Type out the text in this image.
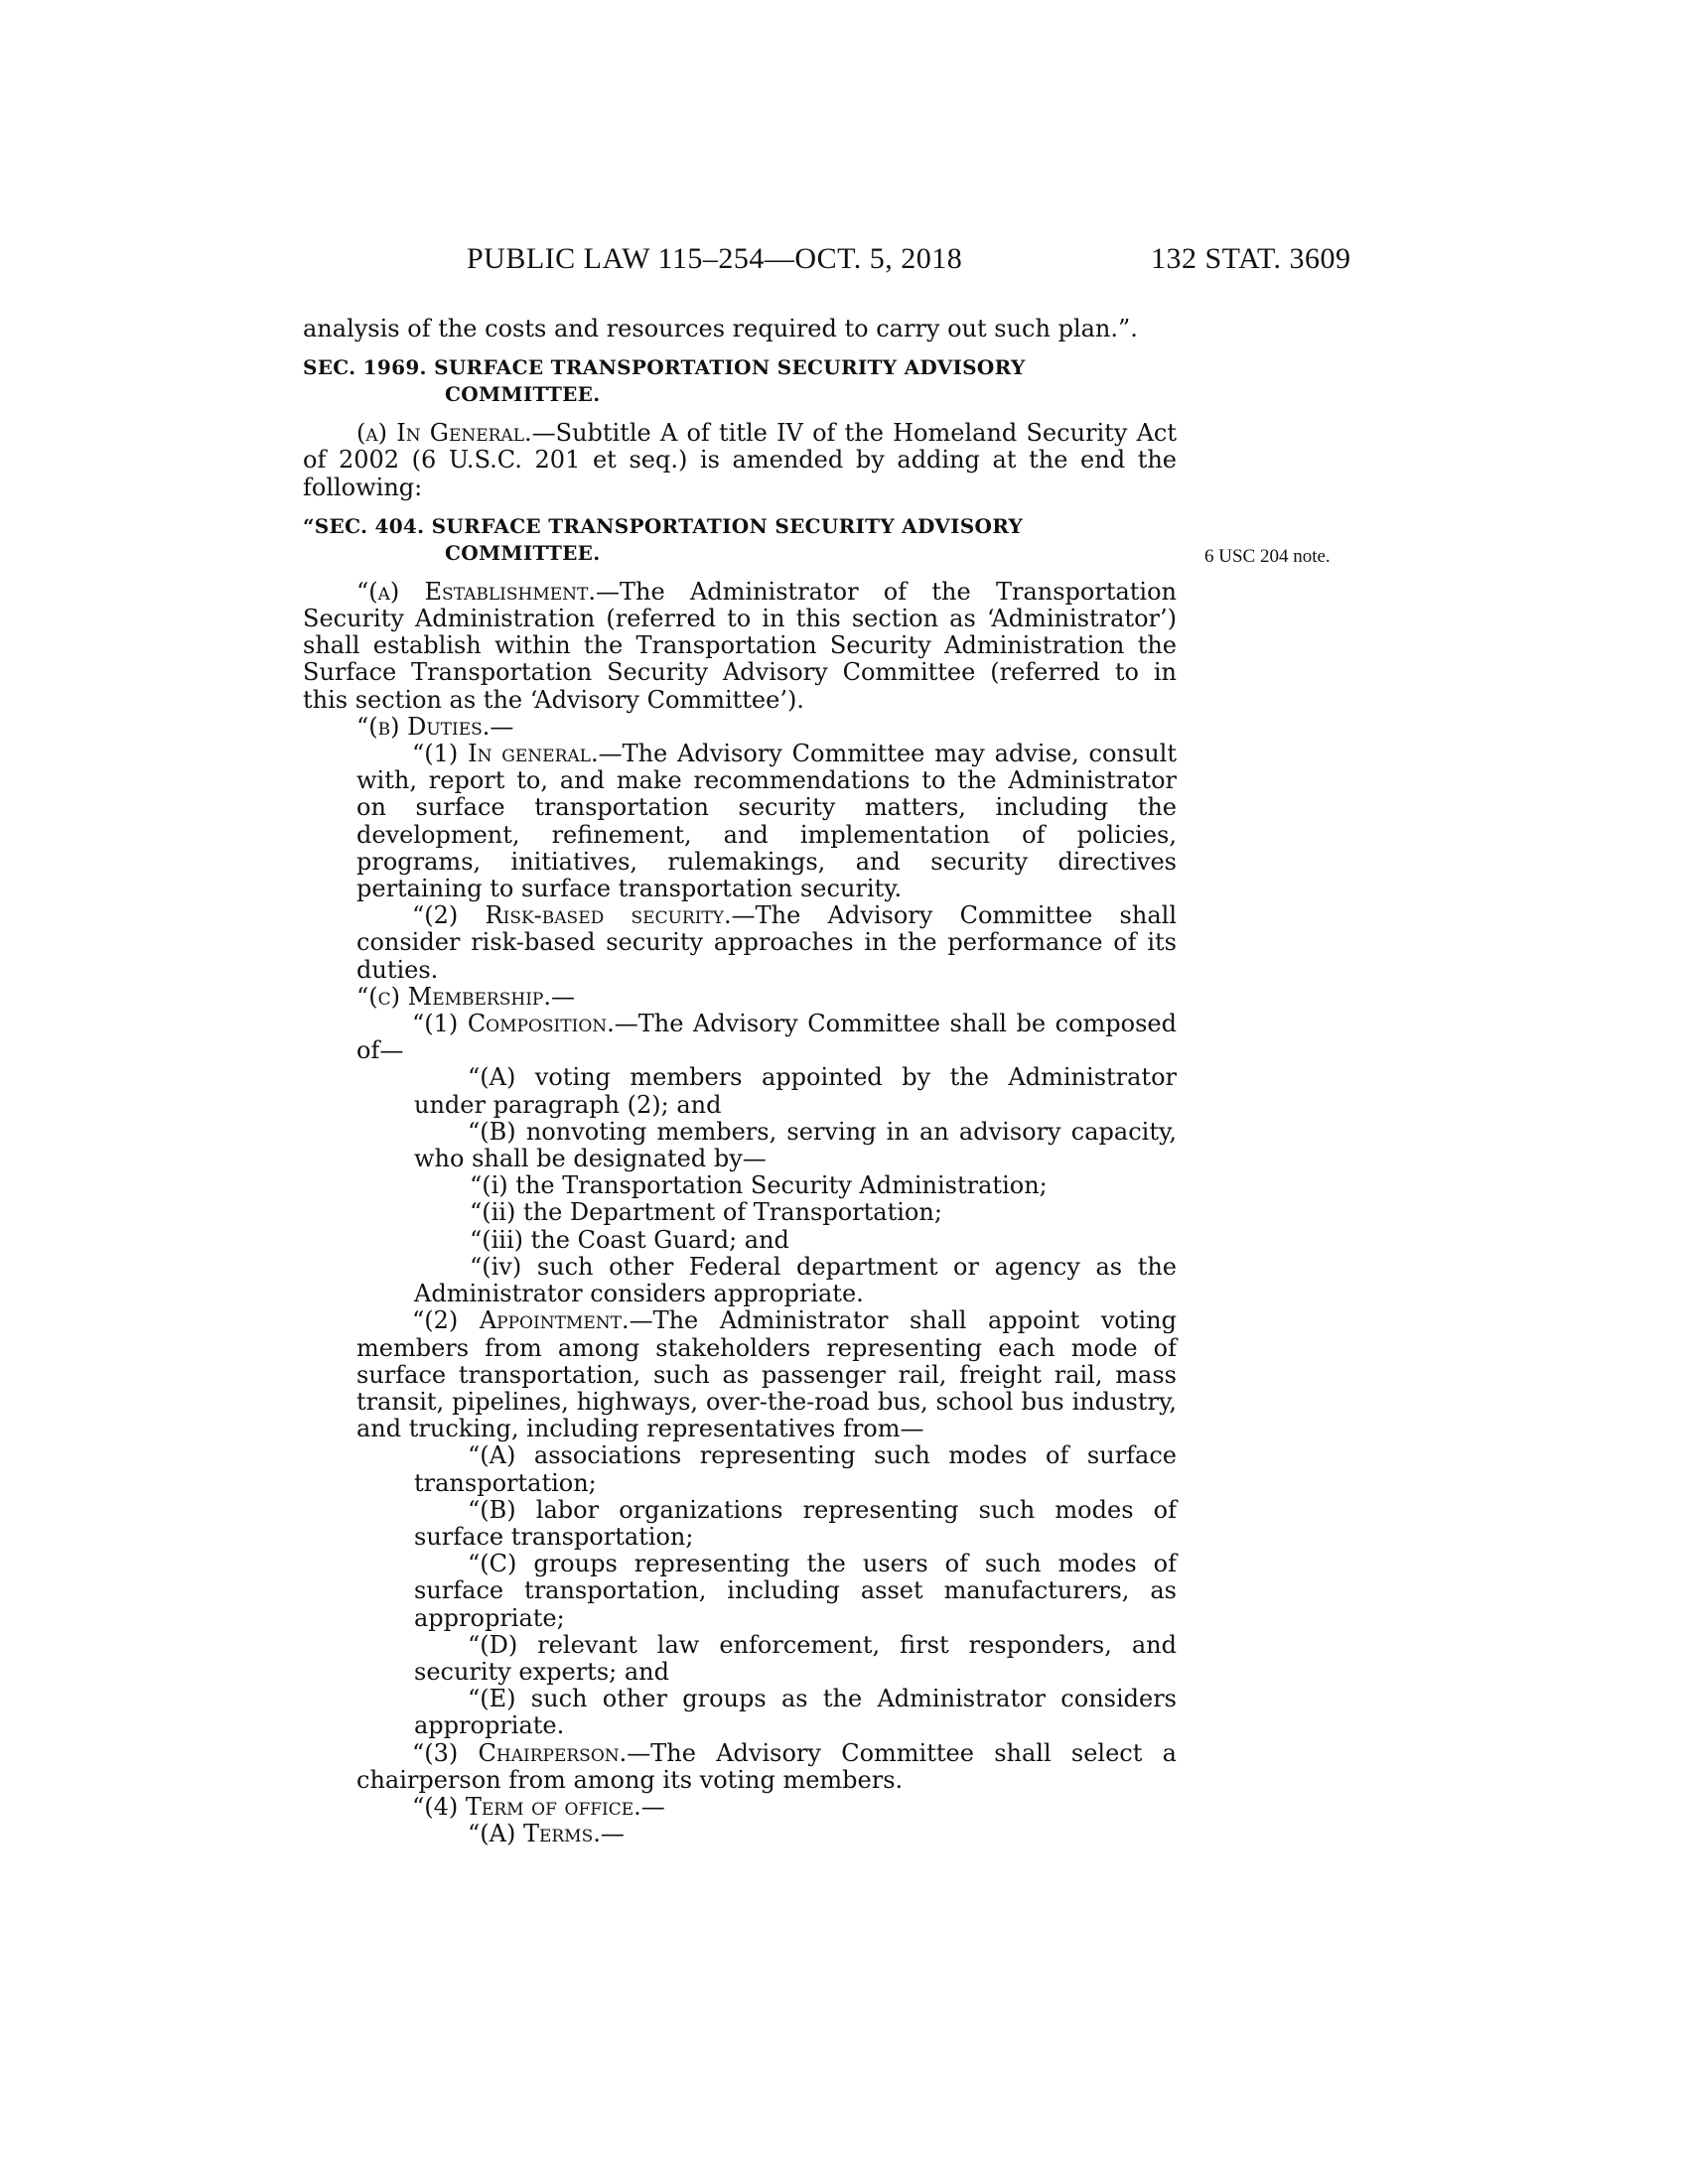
PUBLIC LAW 115–254—OCT. 5, 2018	132 STAT. 3609
6 USC 204 note.

analysis of the costs and resources required to carry out such plan.”.

SEC. 1969. SURFACE TRANSPORTATION SECURITY ADVISORY COMMITTEE.

(a) In General.—Subtitle A of title IV of the Homeland Security Act of 2002 (6 U.S.C. 201 et seq.) is amended by adding at the end the following:

“SEC. 404. SURFACE TRANSPORTATION SECURITY ADVISORY COMMITTEE.

“(a) Establishment.—The Administrator of the Transportation Security Administration (referred to in this section as ‘Administrator’) shall establish within the Transportation Security Administration the Surface Transportation Security Advisory Committee (referred to in this section as the ‘Advisory Committee’).

“(b) Duties.—

“(1) In general.—The Advisory Committee may advise, consult with, report to, and make recommendations to the Administrator on surface transportation security matters, including the development, refinement, and implementation of policies, programs, initiatives, rulemakings, and security directives pertaining to surface transportation security.

“(2) Risk-based security.—The Advisory Committee shall consider risk-based security approaches in the performance of its duties.

“(c) Membership.—

“(1) Composition.—The Advisory Committee shall be composed of—

“(A) voting members appointed by the Administrator under paragraph (2); and

“(B) nonvoting members, serving in an advisory capacity, who shall be designated by—

“(i) the Transportation Security Administration;

“(ii) the Department of Transportation;

“(iii) the Coast Guard; and

“(iv) such other Federal department or agency as the Administrator considers appropriate.

“(2) Appointment.—The Administrator shall appoint voting members from among stakeholders representing each mode of surface transportation, such as passenger rail, freight rail, mass transit, pipelines, highways, over-the-road bus, school bus industry, and trucking, including representatives from—

“(A) associations representing such modes of surface transportation;

“(B) labor organizations representing such modes of surface transportation;

“(C) groups representing the users of such modes of surface transportation, including asset manufacturers, as appropriate;

“(D) relevant law enforcement, first responders, and security experts; and

“(E) such other groups as the Administrator considers appropriate.

“(3) Chairperson.—The Advisory Committee shall select a chairperson from among its voting members.

“(4) Term of office.—

“(A) Terms.—
